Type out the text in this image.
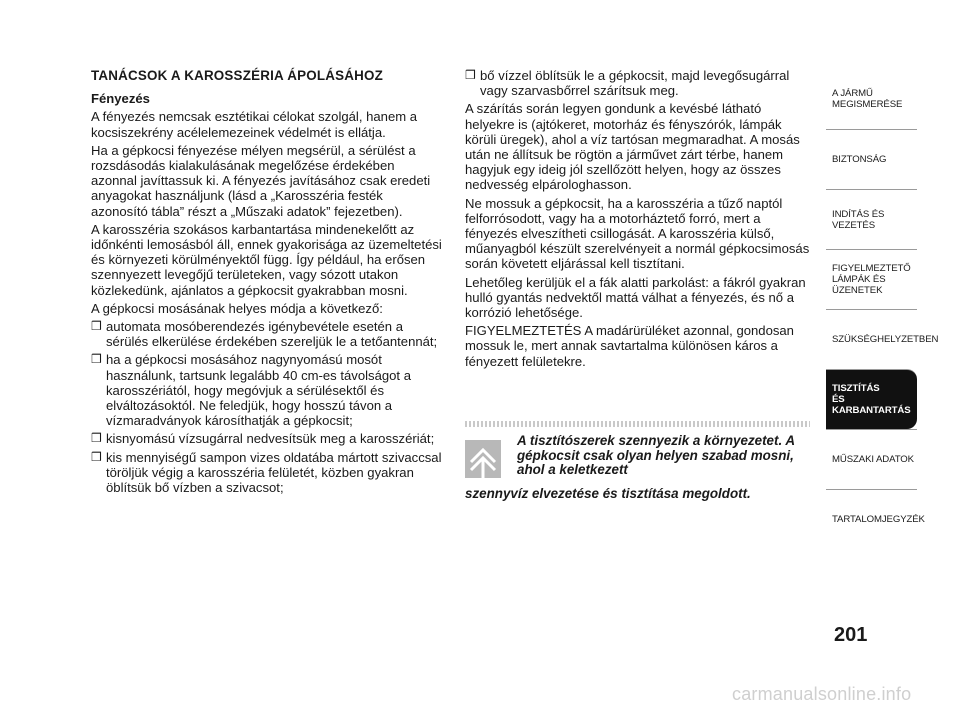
TANÁCSOK A KAROSSZÉRIA ÁPOLÁSÁHOZ
Fényezés

A fényezés nemcsak esztétikai célokat szolgál, hanem a kocsiszekrény acélelemezeinek védelmét is ellátja.

Ha a gépkocsi fényezése mélyen megsérül, a sérülést a rozsdásodás kialakulásának megelőzése érdekében azonnal javíttassuk ki. A fényezés javításához csak eredeti anyagokat használjunk (lásd a „Karosszéria festék azonosító tábla” részt a „Műszaki adatok” fejezetben).

A karosszéria szokásos karbantartása mindenekelőtt az időnkénti lemosásból áll, ennek gyakorisága az üzemeltetési és környezeti körülményektől függ. Így például, ha erősen szennyezett levegőjű területeken, vagy sózott utakon közlekedünk, ajánlatos a gépkocsit gyakrabban mosni.

A gépkocsi mosásának helyes módja a következő:

❒ automata mosóberendezés igénybevétele esetén a sérülés elkerülése érdekében szereljük le a tetőantennát;
❒ ha a gépkocsi mosásához nagynyomású mosót használunk, tartsunk legalább 40 cm-es távolságot a karosszériától, hogy megóvjuk a sérülésektől és elváltozásoktól. Ne feledjük, hogy hosszú távon a vízmaradványok károsíthatják a gépkocsit;
❒ kisnyomású vízsugárral nedvesítsük meg a karosszériát;
❒ kis mennyiségű sampon vizes oldatába mártott szivaccsal töröljük végig a karosszéria felületét, közben gyakran öblítsük bő vízben a szivacsot;
❒ bő vízzel öblítsük le a gépkocsit, majd levegősugárral vagy szarvasbőrrel szárítsuk meg.

A szárítás során legyen gondunk a kevésbé látható helyekre is (ajtókeret, motorház és fényszórók, lámpák körüli üregek), ahol a víz tartósan megmaradhat. A mosás után ne állítsuk be rögtön a járművet zárt térbe, hanem hagyjuk egy ideig jól szellőzött helyen, hogy az összes nedvesség elpárologhasson.

Ne mossuk a gépkocsit, ha a karosszéria a tűző naptól felforrósodott, vagy ha a motorháztető forró, mert a fényezés elveszítheti csillogását. A karosszéria külső, műanyagból készült szerelvényeit a normál gépkocsimosás során követett eljárással kell tisztítani.

Lehetőleg kerüljük el a fák alatti parkolást: a fákról gyakran hulló gyantás nedvektől mattá válhat a fényezés, és nő a korrózió lehetősége.

FIGYELMEZTETÉS A madárürüléket azonnal, gondosan mossuk le, mert annak savtartalma különösen káros a fényezett felületekre.

A tisztítószerek szennyezik a környezetet. A gépkocsit csak olyan helyen szabad mosni, ahol a keletkezett
szennyvíz elvezetése és tisztítása megoldott.
A JÁRMŰ
MEGISMERÉSE
BIZTONSÁG
INDÍTÁS ÉS VEZETÉS
FIGYELMEZTETŐ
LÁMPÁK ÉS ÜZENETEK
SZÜKSÉGHELYZETBEN
TISZTÍTÁS
ÉS KARBANTARTÁS
MŰSZAKI ADATOK
TARTALOMJEGYZÉK
201
carmanualsonline.info
